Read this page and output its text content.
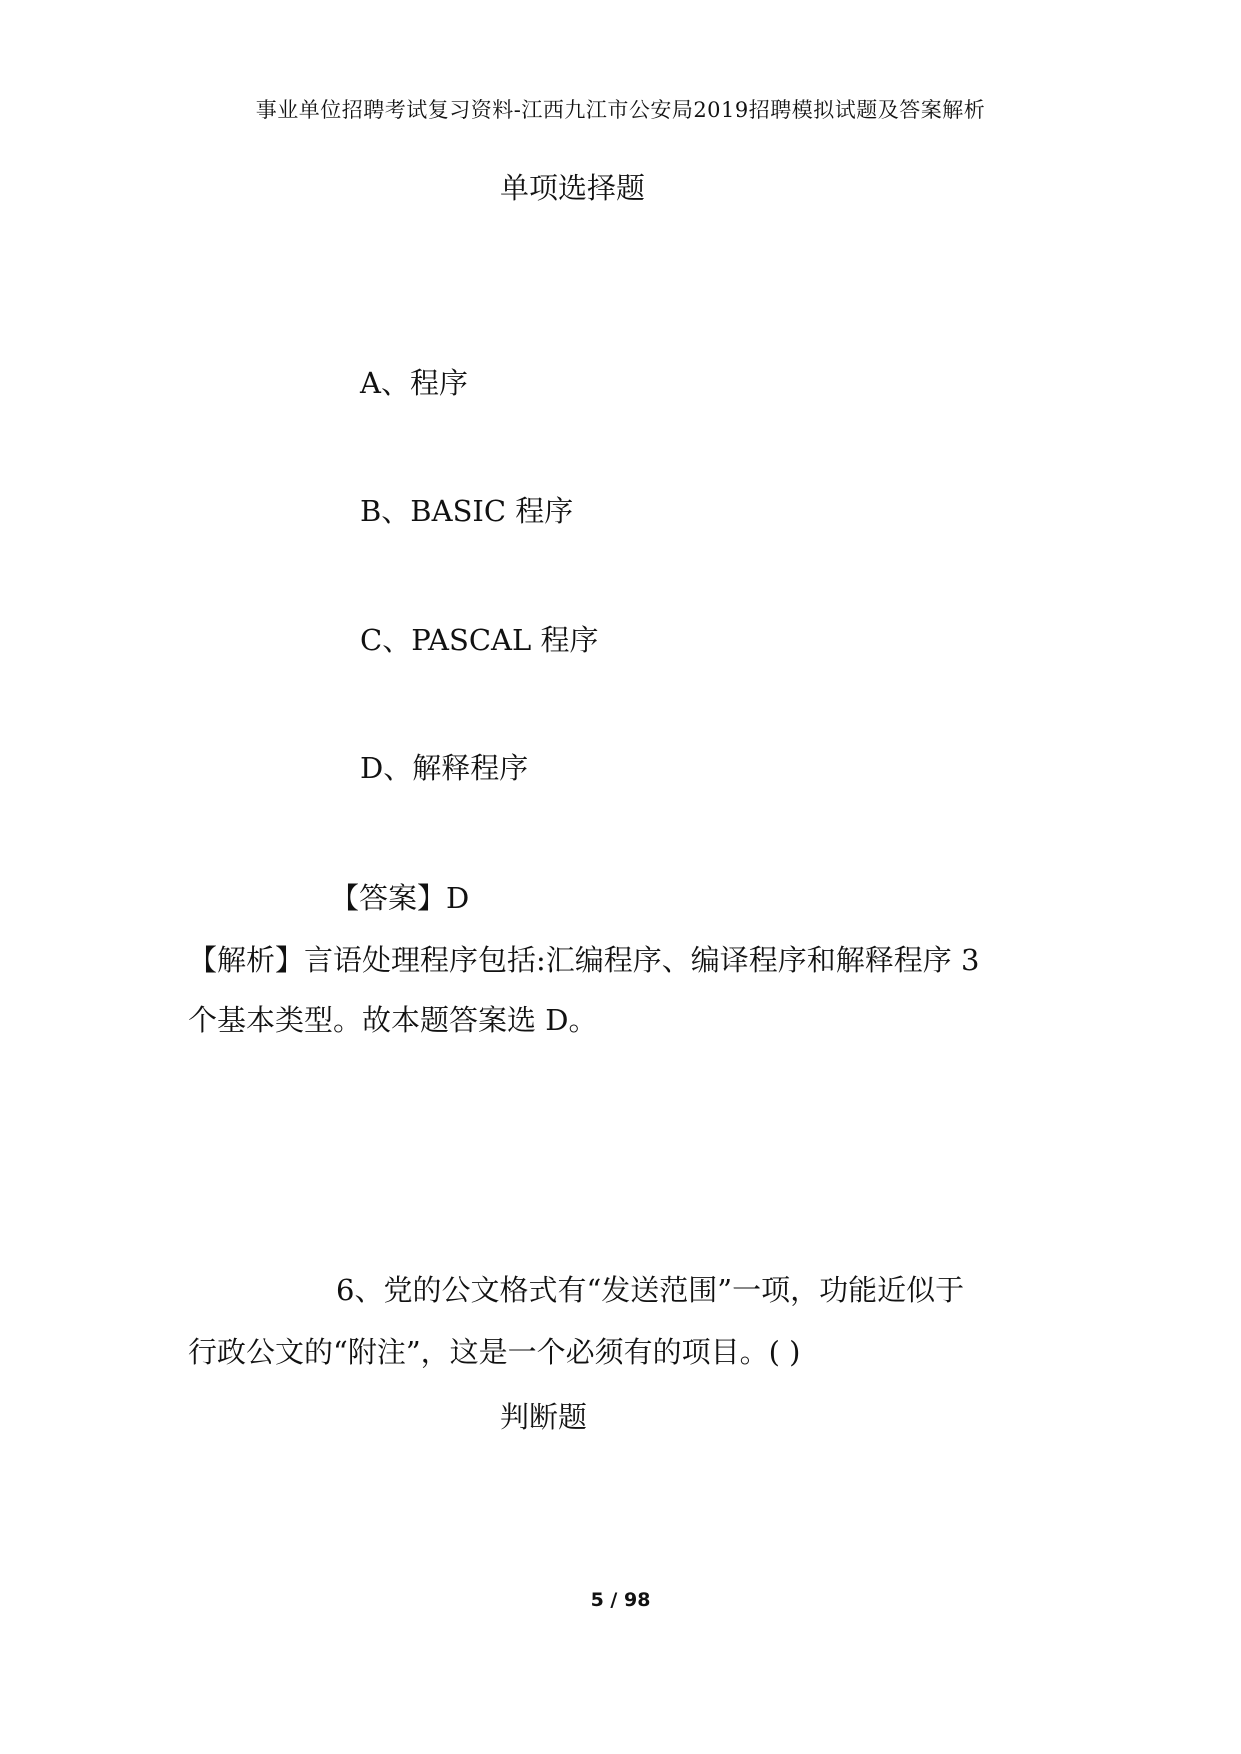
事业单位招聘考试复习资料-江西九江市公安局2019招聘模拟试题及答案解析
单项选择题
A、程序
B、BASIC 程序
C、PASCAL 程序
D、解释程序
【答案】D
【解析】言语处理程序包括:汇编程序、编译程序和解释程序 3
个基本类型。故本题答案选 D。
6、党的公文格式有“发送范围”一项，功能近似于
行政公文的“附注”，这是一个必须有的项目。( )
判断题
5 / 98
